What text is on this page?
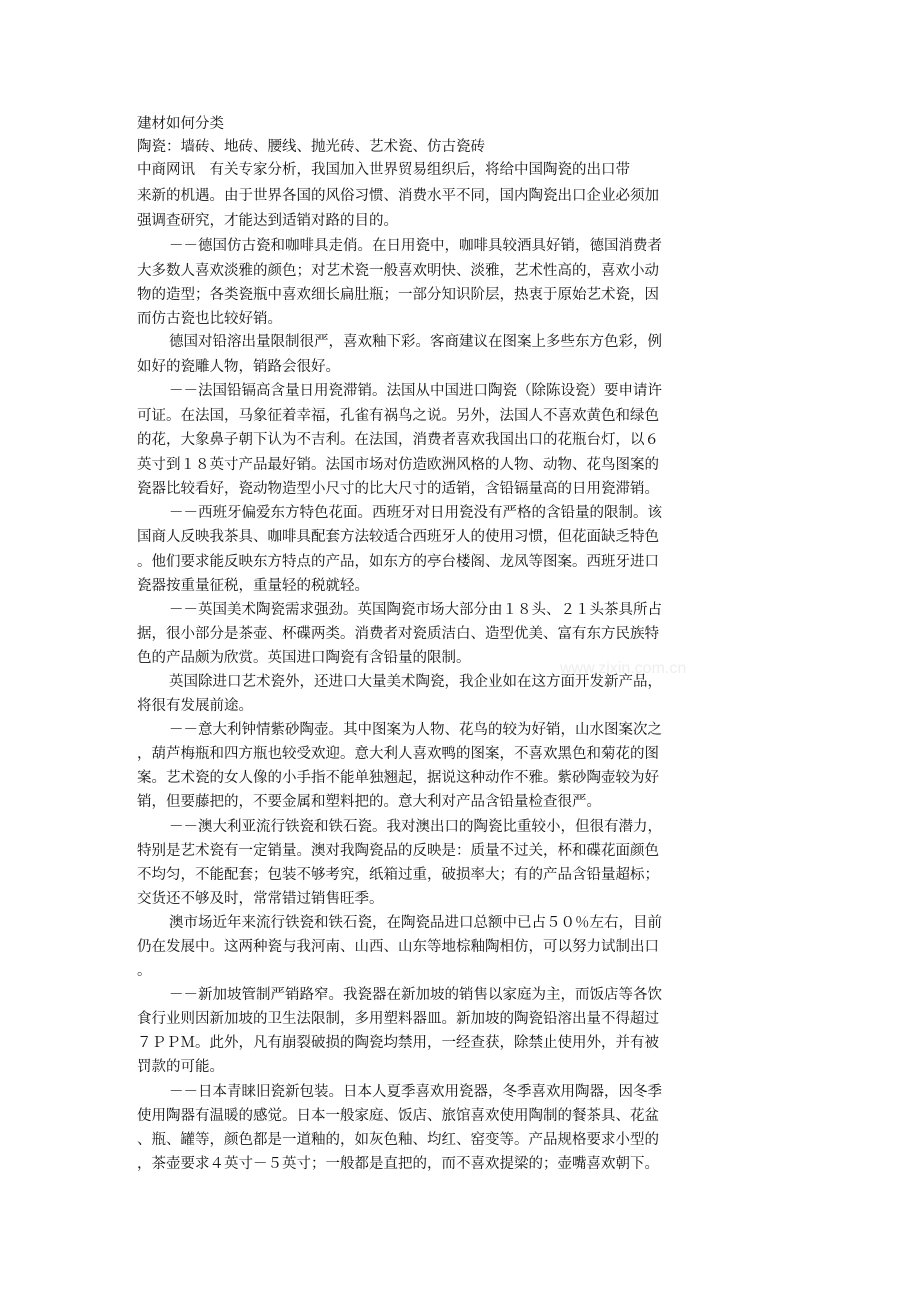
建材如何分类
陶瓷：墙砖、地砖、腰线、抛光砖、艺术瓷、仿古瓷砖
中商网讯　有关专家分析，我国加入世界贸易组织后，将给中国陶瓷的出口带
来新的机遇。由于世界各国的风俗习惯、消费水平不同，国内陶瓷出口企业必须加
强调查研究，才能达到适销对路的目的。
－－德国仿古瓷和咖啡具走俏。在日用瓷中，咖啡具较酒具好销，德国消费者
大多数人喜欢淡雅的颜色；对艺术瓷一般喜欢明快、淡雅，艺术性高的，喜欢小动
物的造型；各类瓷瓶中喜欢细长扁肚瓶；一部分知识阶层，热衷于原始艺术瓷，因
而仿古瓷也比较好销。
德国对铅溶出量限制很严，喜欢釉下彩。客商建议在图案上多些东方色彩，例
如好的瓷雕人物，销路会很好。
－－法国铅镉高含量日用瓷滞销。法国从中国进口陶瓷（除陈设瓷）要申请许
可证。在法国，马象征着幸福，孔雀有祸鸟之说。另外，法国人不喜欢黄色和绿色
的花，大象鼻子朝下认为不吉利。在法国，消费者喜欢我国出口的花瓶台灯，以６
英寸到１８英寸产品最好销。法国市场对仿造欧洲风格的人物、动物、花鸟图案的
瓷器比较看好，瓷动物造型小尺寸的比大尺寸的适销，含铅镉量高的日用瓷滞销。
－－西班牙偏爱东方特色花面。西班牙对日用瓷没有严格的含铅量的限制。该
国商人反映我茶具、咖啡具配套方法较适合西班牙人的使用习惯，但花面缺乏特色
。他们要求能反映东方特点的产品，如东方的亭台楼阁、龙凤等图案。西班牙进口
瓷器按重量征税，重量轻的税就轻。
－－英国美术陶瓷需求强劲。英国陶瓷市场大部分由１８头、２１头茶具所占
据，很小部分是茶壶、杯碟两类。消费者对瓷质洁白、造型优美、富有东方民族特
色的产品颇为欣赏。英国进口陶瓷有含铅量的限制。
英国除进口艺术瓷外，还进口大量美术陶瓷，我企业如在这方面开发新产品，
将很有发展前途。
－－意大利钟情紫砂陶壶。其中图案为人物、花鸟的较为好销，山水图案次之
，葫芦梅瓶和四方瓶也较受欢迎。意大利人喜欢鸭的图案，不喜欢黑色和菊花的图
案。艺术瓷的女人像的小手指不能单独翘起，据说这种动作不雅。紫砂陶壶较为好
销，但要藤把的，不要金属和塑料把的。意大利对产品含铅量检查很严。
－－澳大利亚流行铁瓷和铁石瓷。我对澳出口的陶瓷比重较小，但很有潜力，
特别是艺术瓷有一定销量。澳对我陶瓷品的反映是：质量不过关，杯和碟花面颜色
不均匀，不能配套；包装不够考究，纸箱过重，破损率大；有的产品含铅量超标；
交货还不够及时，常常错过销售旺季。
澳市场近年来流行铁瓷和铁石瓷，在陶瓷品进口总额中已占５０％左右，目前
仍在发展中。这两种瓷与我河南、山西、山东等地棕釉陶相仿，可以努力试制出口
。
－－新加坡管制严销路窄。我瓷器在新加坡的销售以家庭为主，而饭店等各饮
食行业则因新加坡的卫生法限制，多用塑料器皿。新加坡的陶瓷铅溶出量不得超过
７ＰＰＭ。此外，凡有崩裂破损的陶瓷均禁用，一经查获，除禁止使用外，并有被
罚款的可能。
－－日本青睐旧瓷新包装。日本人夏季喜欢用瓷器，冬季喜欢用陶器，因冬季
使用陶器有温暖的感觉。日本一般家庭、饭店、旅馆喜欢使用陶制的餐茶具、花盆
、瓶、罐等，颜色都是一道釉的，如灰色釉、均红、窑变等。产品规格要求小型的
，茶壶要求４英寸－５英寸；一般都是直把的，而不喜欢提梁的；壶嘴喜欢朝下。
www.zixin.com.cn
